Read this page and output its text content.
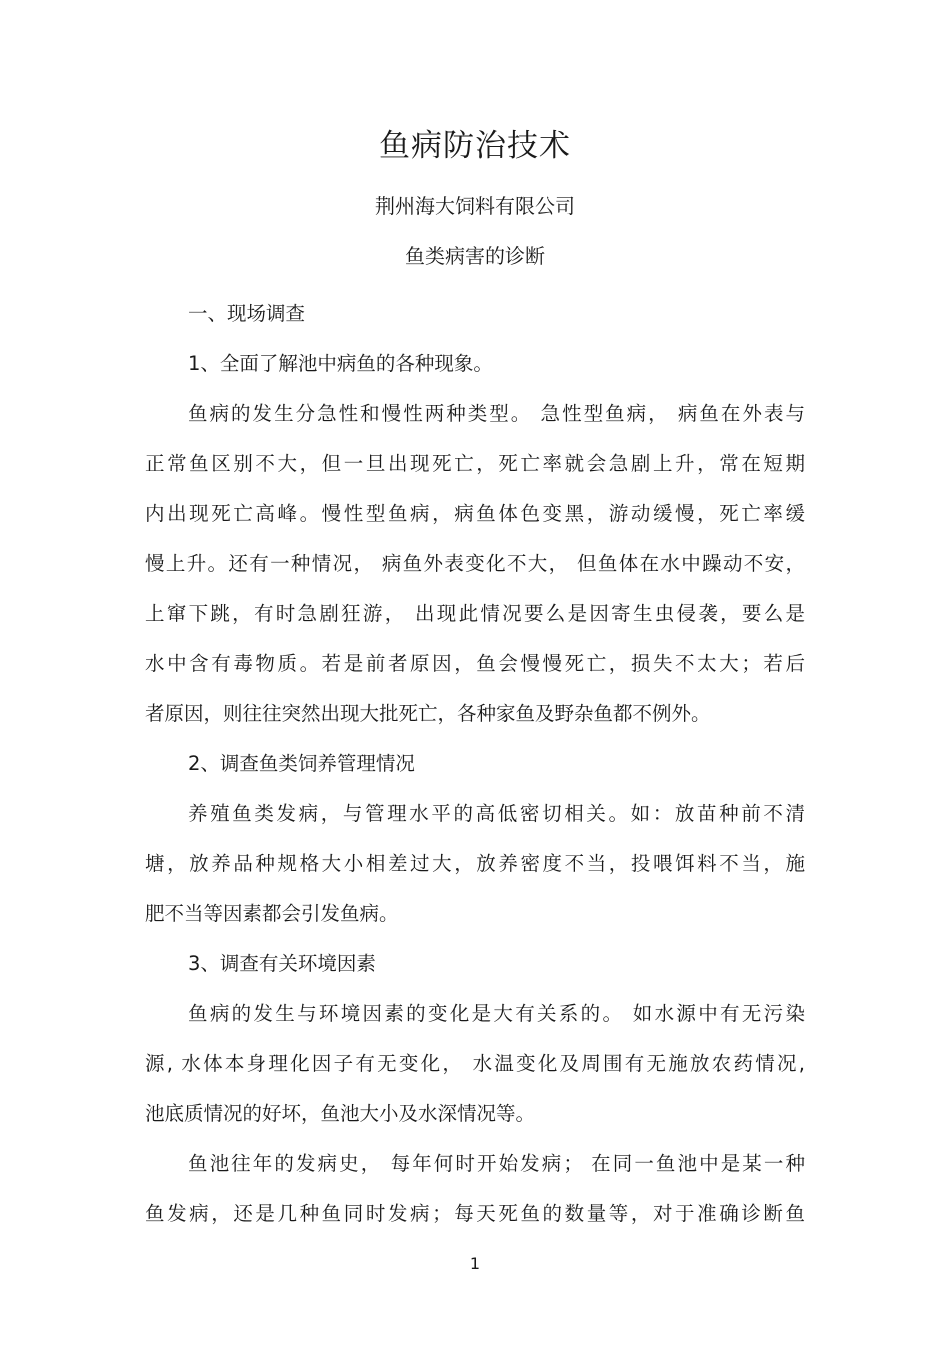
鱼病防治技术
荆州海大饲料有限公司
鱼类病害的诊断
一、现场调查
1、全面了解池中病鱼的各种现象。
鱼病的发生分急性和慢性两种类型。 急性型鱼病， 病鱼在外表与
正常鱼区别不大，但一旦出现死亡，死亡率就会急剧上升，常在短期
内出现死亡高峰。慢性型鱼病，病鱼体色变黑，游动缓慢，死亡率缓
慢上升。还有一种情况， 病鱼外表变化不大， 但鱼体在水中躁动不安，
上窜下跳，有时急剧狂游， 出现此情况要么是因寄生虫侵袭，要么是
水中含有毒物质。若是前者原因，鱼会慢慢死亡，损失不太大；若后
者原因，则往往突然出现大批死亡，各种家鱼及野杂鱼都不例外。
2、调查鱼类饲养管理情况
养殖鱼类发病，与管理水平的高低密切相关。如：放苗种前不清
塘，放养品种规格大小相差过大，放养密度不当，投喂饵料不当，施
肥不当等因素都会引发鱼病。
3、调查有关环境因素
鱼病的发生与环境因素的变化是大有关系的。 如水源中有无污染
源, 水体本身理化因子有无变化， 水温变化及周围有无施放农药情况,
池底质情况的好坏，鱼池大小及水深情况等。
鱼池往年的发病史， 每年何时开始发病； 在同一鱼池中是某一种
鱼发病，还是几种鱼同时发病；每天死鱼的数量等，对于准确诊断鱼
1
